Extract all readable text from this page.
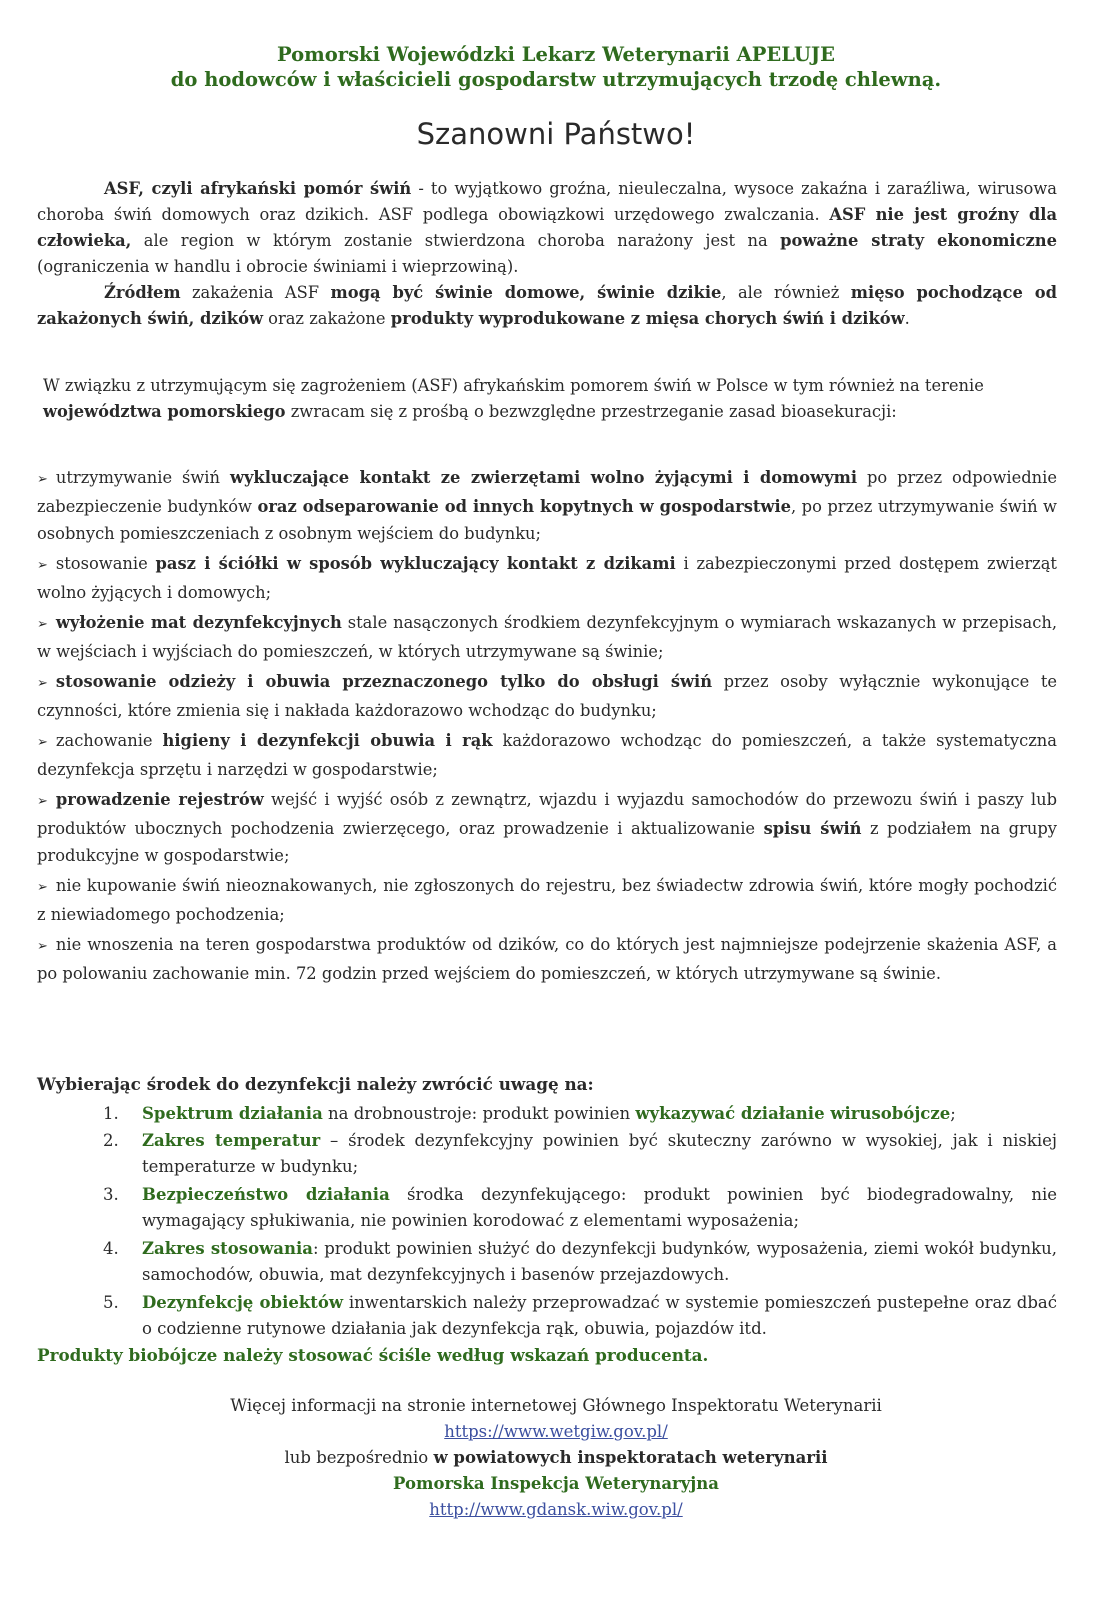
Pomorski Wojewódzki Lekarz Weterynarii APELUJE
do hodowców i właścicieli gospodarstw utrzymujących trzodę chlewną.
Szanowni Państwo!
ASF, czyli afrykański pomór świń - to wyjątkowo groźna, nieuleczalna, wysoce zakaźna i zaraźliwa, wirusowa choroba świń domowych oraz dzikich. ASF podlega obowiązkowi urzędowego zwalczania. ASF nie jest groźny dla człowieka, ale region w którym zostanie stwierdzona choroba narażony jest na poważne straty ekonomiczne (ograniczenia w handlu i obrocie świniami i wieprzowiną).
Źródłem zakażenia ASF mogą być świnie domowe, świnie dzikie, ale również mięso pochodzące od zakażonych świń, dzików oraz zakażone produkty wyprodukowane z mięsa chorych świń i dzików.
W związku z utrzymującym się zagrożeniem (ASF) afrykańskim pomorem świń w Polsce w tym również na terenie województwa pomorskiego zwracam się z prośbą o bezwzględne przestrzeganie zasad bioasekuracji:
➢ utrzymywanie świń wykluczające kontakt ze zwierzętami wolno żyjącymi i domowymi po przez odpowiednie zabezpieczenie budynków oraz odseparowanie od innych kopytnych w gospodarstwie, po przez utrzymywanie świń w osobnych pomieszczeniach z osobnym wejściem do budynku;
➢ stosowanie pasz i ściółki w sposób wykluczający kontakt z dzikami i zabezpieczonymi przed dostępem zwierząt wolno żyjących i domowych;
➢ wyłożenie mat dezynfekcyjnych stale nasączonych środkiem dezynfekcyjnym o wymiarach wskazanych w przepisach, w wejściach i wyjściach do pomieszczeń, w których utrzymywane są świnie;
➢ stosowanie odzieży i obuwia przeznaczonego tylko do obsługi świń przez osoby wyłącznie wykonujące te czynności, które zmienia się i nakłada każdorazowo wchodząc do budynku;
➢ zachowanie higieny i dezynfekcji obuwia i rąk każdorazowo wchodząc do pomieszczeń, a także systematyczna dezynfekcja sprzętu i narzędzi w gospodarstwie;
➢ prowadzenie rejestrów wejść i wyjść osób z zewnątrz, wjazdu i wyjazdu samochodów do przewozu świń i paszy lub produktów ubocznych pochodzenia zwierzęcego, oraz prowadzenie i aktualizowanie spisu świń z podziałem na grupy produkcyjne w gospodarstwie;
➢ nie kupowanie świń nieoznakowanych, nie zgłoszonych do rejestru, bez świadectw zdrowia świń, które mogły pochodzić z niewiadomego pochodzenia;
➢ nie wnoszenia na teren gospodarstwa produktów od dzików, co do których jest najmniejsze podejrzenie skażenia ASF, a po polowaniu zachowanie min. 72 godzin przed wejściem do pomieszczeń, w których utrzymywane są świnie.
Wybierając środek do dezynfekcji należy zwrócić uwagę na:
1.	Spektrum działania na drobnoustroje: produkt powinien wykazywać działanie wirusobójcze;
2.	Zakres temperatur – środek dezynfekcyjny powinien być skuteczny zarówno w wysokiej, jak i niskiej temperaturze w budynku;
3.	Bezpieczeństwo działania środka dezynfekującego: produkt powinien być biodegradowalny, nie wymagający spłukiwania, nie powinien korodować z elementami wyposażenia;
4.	Zakres stosowania: produkt powinien służyć do dezynfekcji budynków, wyposażenia, ziemi wokół budynku, samochodów, obuwia, mat dezynfekcyjnych i basenów przejazdowych.
5.	Dezynfekcję obiektów inwentarskich należy przeprowadzać w systemie pomieszczeń pustepełne oraz dbać o codzienne rutynowe działania jak dezynfekcja rąk, obuwia, pojazdów itd.
Produkty biobójcze należy stosować ściśle według wskazań producenta.
Więcej informacji na stronie internetowej Głównego Inspektoratu Weterynarii
https://www.wetgiw.gov.pl/
lub bezpośrednio w powiatowych inspektoratach weterynarii
Pomorska Inspekcja Weterynaryjna
http://www.gdansk.wiw.gov.pl/
